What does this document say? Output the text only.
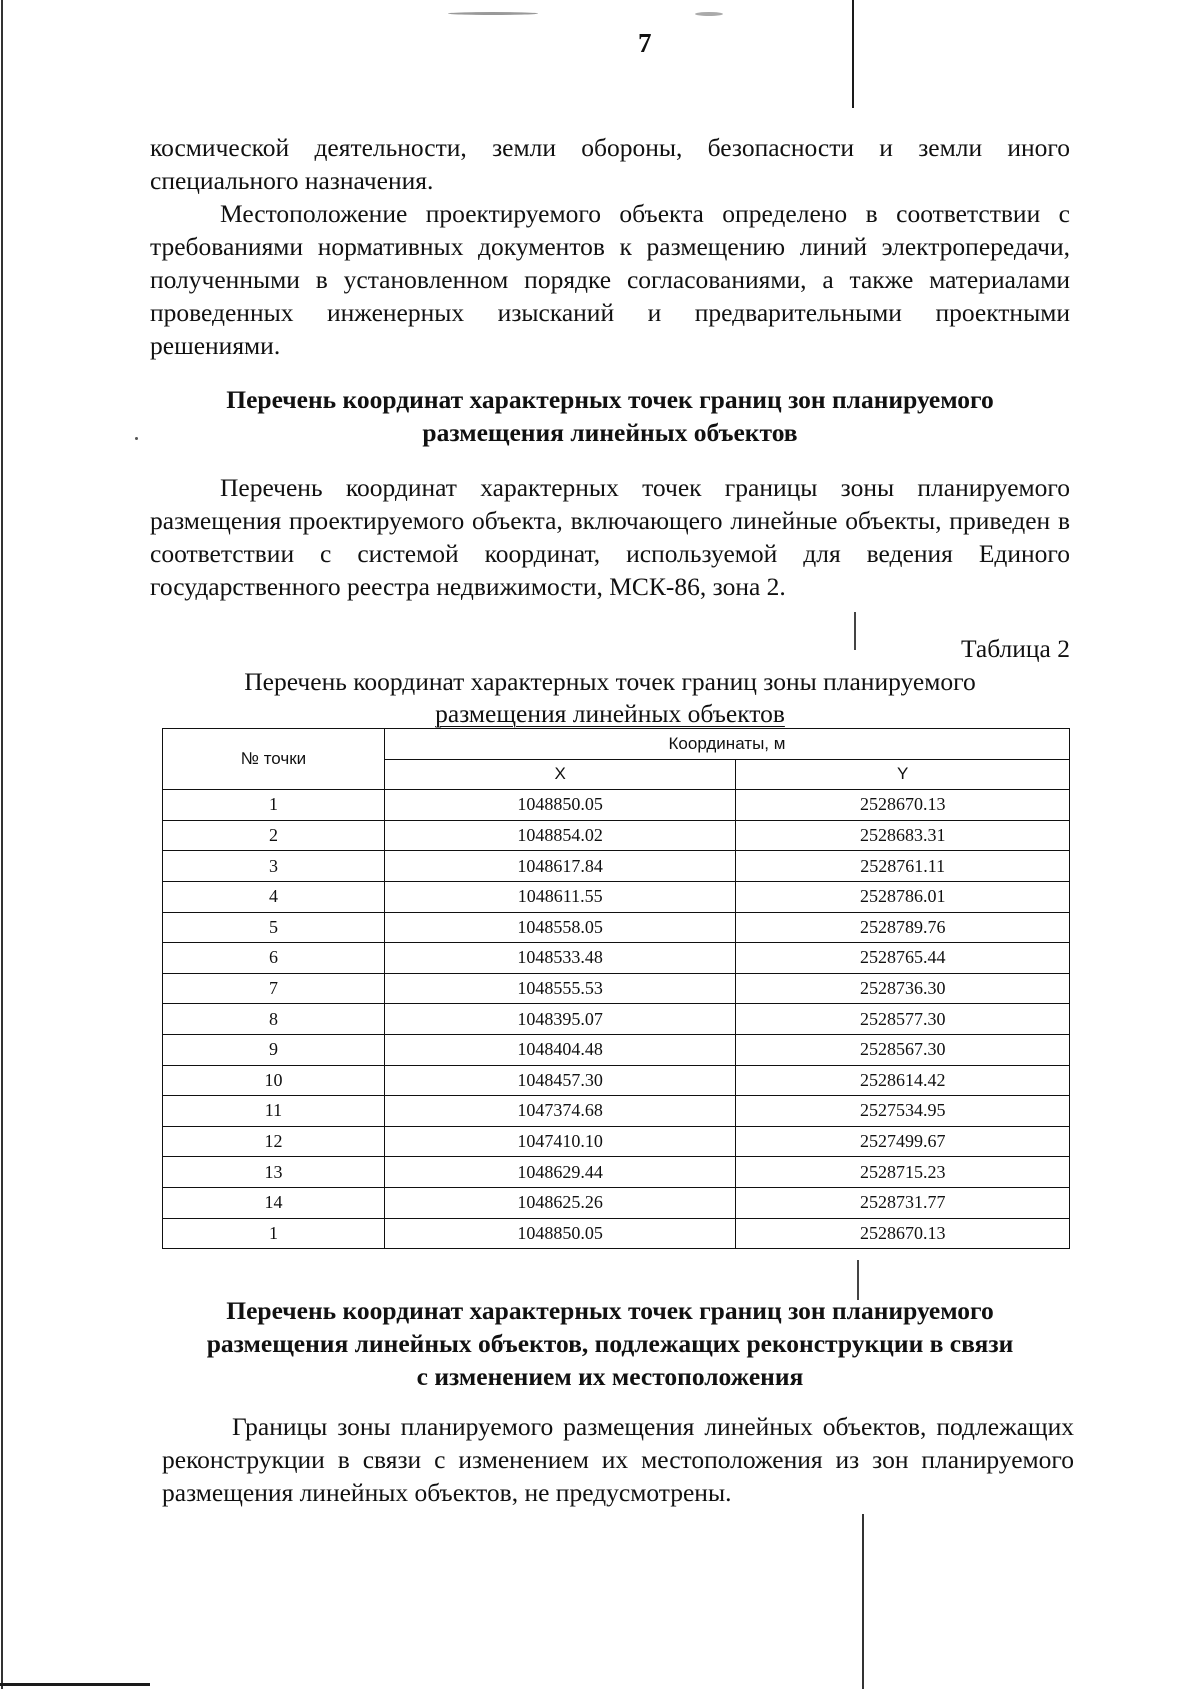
7

космической деятельности, земли обороны, безопасности и земли иного специального назначения.

Местоположение проектируемого объекта определено в соответствии с требованиями нормативных документов к размещению линий электропередачи, полученными в установленном порядке согласованиями, а также материалами проведенных инженерных изысканий и предварительными проектными решениями.

Перечень координат характерных точек границ зон планируемого
размещения линейных объектов

Перечень координат характерных точек границы зоны планируемого размещения проектируемого объекта, включающего линейные объекты, приведен в соответствии с системой координат, используемой для ведения Единого государственного реестра недвижимости, МСК-86, зона 2.

Таблица 2
Перечень координат характерных точек границ зоны планируемого
размещения линейных объектов
№ точки	Координаты, м	
	X	Y
1	1048850.05	2528670.13
2	1048854.02	2528683.31
3	1048617.84	2528761.11
4	1048611.55	2528786.01
5	1048558.05	2528789.76
6	1048533.48	2528765.44
7	1048555.53	2528736.30
8	1048395.07	2528577.30
9	1048404.48	2528567.30
10	1048457.30	2528614.42
11	1047374.68	2527534.95
12	1047410.10	2527499.67
13	1048629.44	2528715.23
14	1048625.26	2528731.77
1	1048850.05	2528670.13
Перечень координат характерных точек границ зон планируемого
размещения линейных объектов, подлежащих реконструкции в связи
с изменением их местоположения

Границы зоны планируемого размещения линейных объектов, подлежащих реконструкции в связи с изменением их местоположения из зон планируемого размещения линейных объектов, не предусмотрены.
